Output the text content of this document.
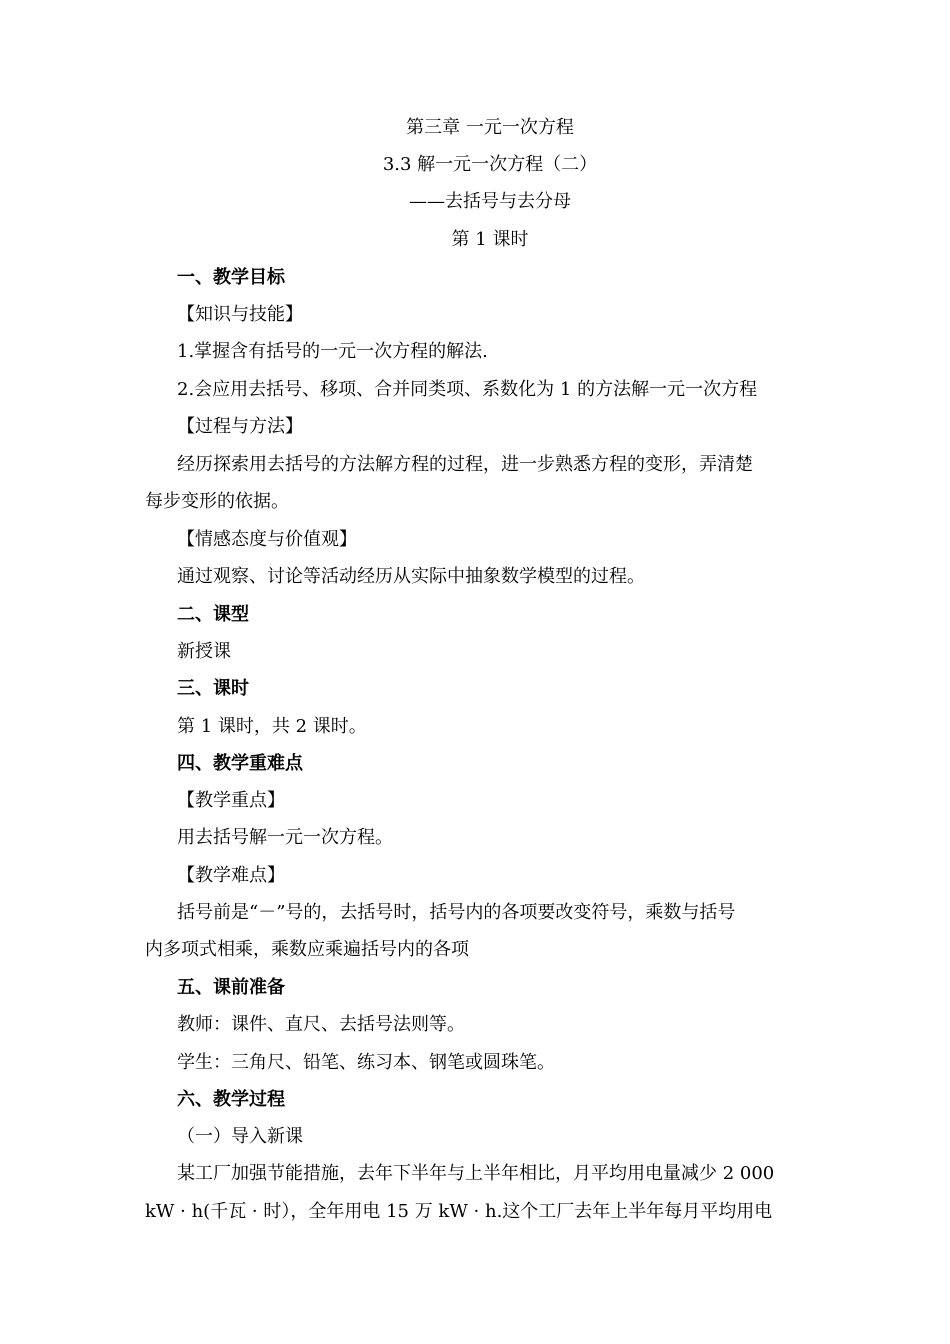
第三章 一元一次方程
3.3 解一元一次方程（二）
——去括号与去分母
第 1 课时
一、教学目标
【知识与技能】
1.掌握含有括号的一元一次方程的解法.
2.会应用去括号、移项、合并同类项、系数化为 1 的方法解一元一次方程
【过程与方法】
经历探索用去括号的方法解方程的过程，进一步熟悉方程的变形，弄清楚
每步变形的依据。
【情感态度与价值观】
通过观察、讨论等活动经历从实际中抽象数学模型的过程。
二、课型
新授课
三、课时
第 1 课时，共 2 课时。
四、教学重难点
【教学重点】
用去括号解一元一次方程。
【教学难点】
括号前是“－”号的，去括号时，括号内的各项要改变符号，乘数与括号
内多项式相乘，乘数应乘遍括号内的各项
五、课前准备
教师：课件、直尺、去括号法则等。
学生：三角尺、铅笔、练习本、钢笔或圆珠笔。
六、教学过程
（一）导入新课
某工厂加强节能措施，去年下半年与上半年相比，月平均用电量减少 2 000
kW · h(千瓦 · 时），全年用电 15 万 kW · h.这个工厂去年上半年每月平均用电
